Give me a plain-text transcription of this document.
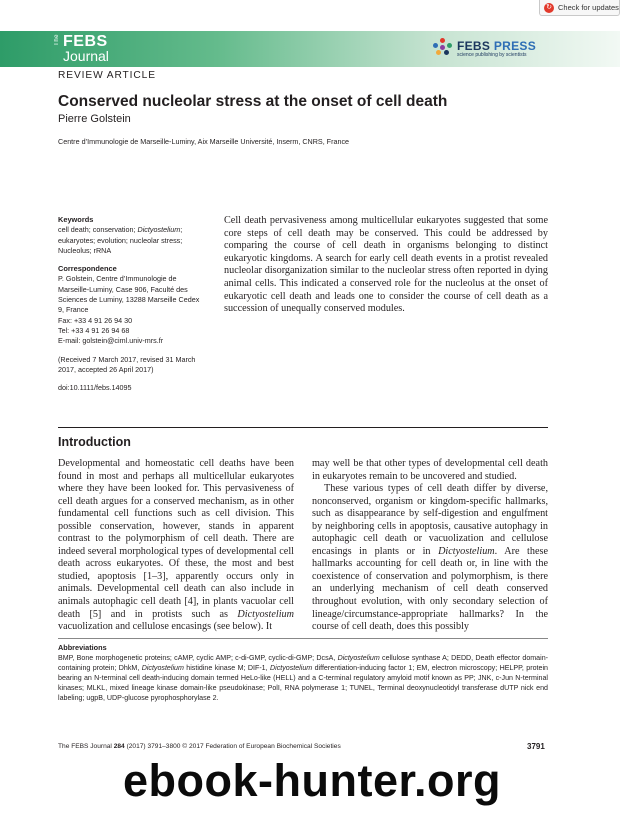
↻ Check for updates
The FEBS
Journal
FEBS PRESS
science publishing by scientists
REVIEW ARTICLE
Conserved nucleolar stress at the onset of cell death
Pierre Golstein
Centre d’Immunologie de Marseille-Luminy, Aix Marseille Université, Inserm, CNRS, France
Keywords

cell death; conservation; Dictyostelium;

eukaryotes; evolution; nucleolar stress;

Nucleolus; rRNA

Correspondence

P. Golstein, Centre d’Immunologie de

Marseille-Luminy, Case 906, Faculté des

Sciences de Luminy, 13288 Marseille Cedex

9, France

Fax: +33 4 91 26 94 30

Tel: +33 4 91 26 94 68

E-mail: golstein@ciml.univ-mrs.fr

(Received 7 March 2017, revised 31 March

2017, accepted 26 April 2017)

doi:10.1111/febs.14095

Cell death pervasiveness among multicellular eukaryotes suggested that some core steps of cell death may be conserved. This could be addressed by comparing the course of cell death in organisms belonging to distinct eukaryotic kingdoms. A search for early cell death events in a protist revealed nucleolar disorganization similar to the nucleolar stress often reported in dying animal cells. This indicated a conserved role for the nucleolus at the onset of eukaryotic cell death and leads one to consider the course of cell death as a succession of unequally conserved modules.
Introduction

Developmental and homeostatic cell deaths have been found in most and perhaps all multicellular eukaryotes where they have been looked for. This pervasiveness of cell death argues for a conserved mechanism, as in other fundamental cell functions such as cell division. This possible conservation, however, stands in apparent contrast to the polymorphism of cell death. There are indeed several morphological types of developmental cell death across eukaryotes. Of these, the most and best studied, apoptosis [1–3], apparently occurs only in animals. Developmental cell death can also include in animals autophagic cell death [4], in plants vacuolar cell death [5] and in protists such as Dictyostelium vacuolization and cellulose encasings (see below). It

may well be that other types of developmental cell death in eukaryotes remain to be uncovered and studied.

These various types of cell death differ by diverse, nonconserved, organism or kingdom-specific hallmarks, such as disappearance by self-digestion and engulfment by neighboring cells in apoptosis, causative autophagy in autophagic cell death or vacuolization and cellulose encasings in plants or in Dictyostelium. Are these hallmarks accounting for cell death or, in line with the coexistence of conservation and polymorphism, is there an underlying mechanism of cell death conserved throughout evolution, with only secondary selection of lineage/circumstance-appropriate hallmarks? In the course of cell death, does this possibly

Abbreviations

BMP, Bone morphogenetic proteins; cAMP, cyclic AMP; c-di-GMP, cyclic-di-GMP; DcsA, Dictyostelium cellulose synthase A; DEDD, Death effector domain-containing protein; DhkM, Dictyostelium histidine kinase M; DIF-1, Dictyostelium differentiation-inducing factor 1; EM, electron microscopy; HELPP, protein bearing an N-terminal cell death-inducing domain termed HeLo-like (HELL) and a C-terminal regulatory amyloid motif known as PP; JNK, c-Jun N-terminal kinases; MLKL, mixed lineage kinase domain-like pseudokinase; PolI, RNA polymerase 1; TUNEL, Terminal deoxynucleotidyl transferase dUTP nick end labeling; ugpB, UDP-glucose pyrophosphorylase 2.

The FEBS Journal 284 (2017) 3791–3800 © 2017 Federation of European Biochemical Societies	3791
ebook-hunter.org
